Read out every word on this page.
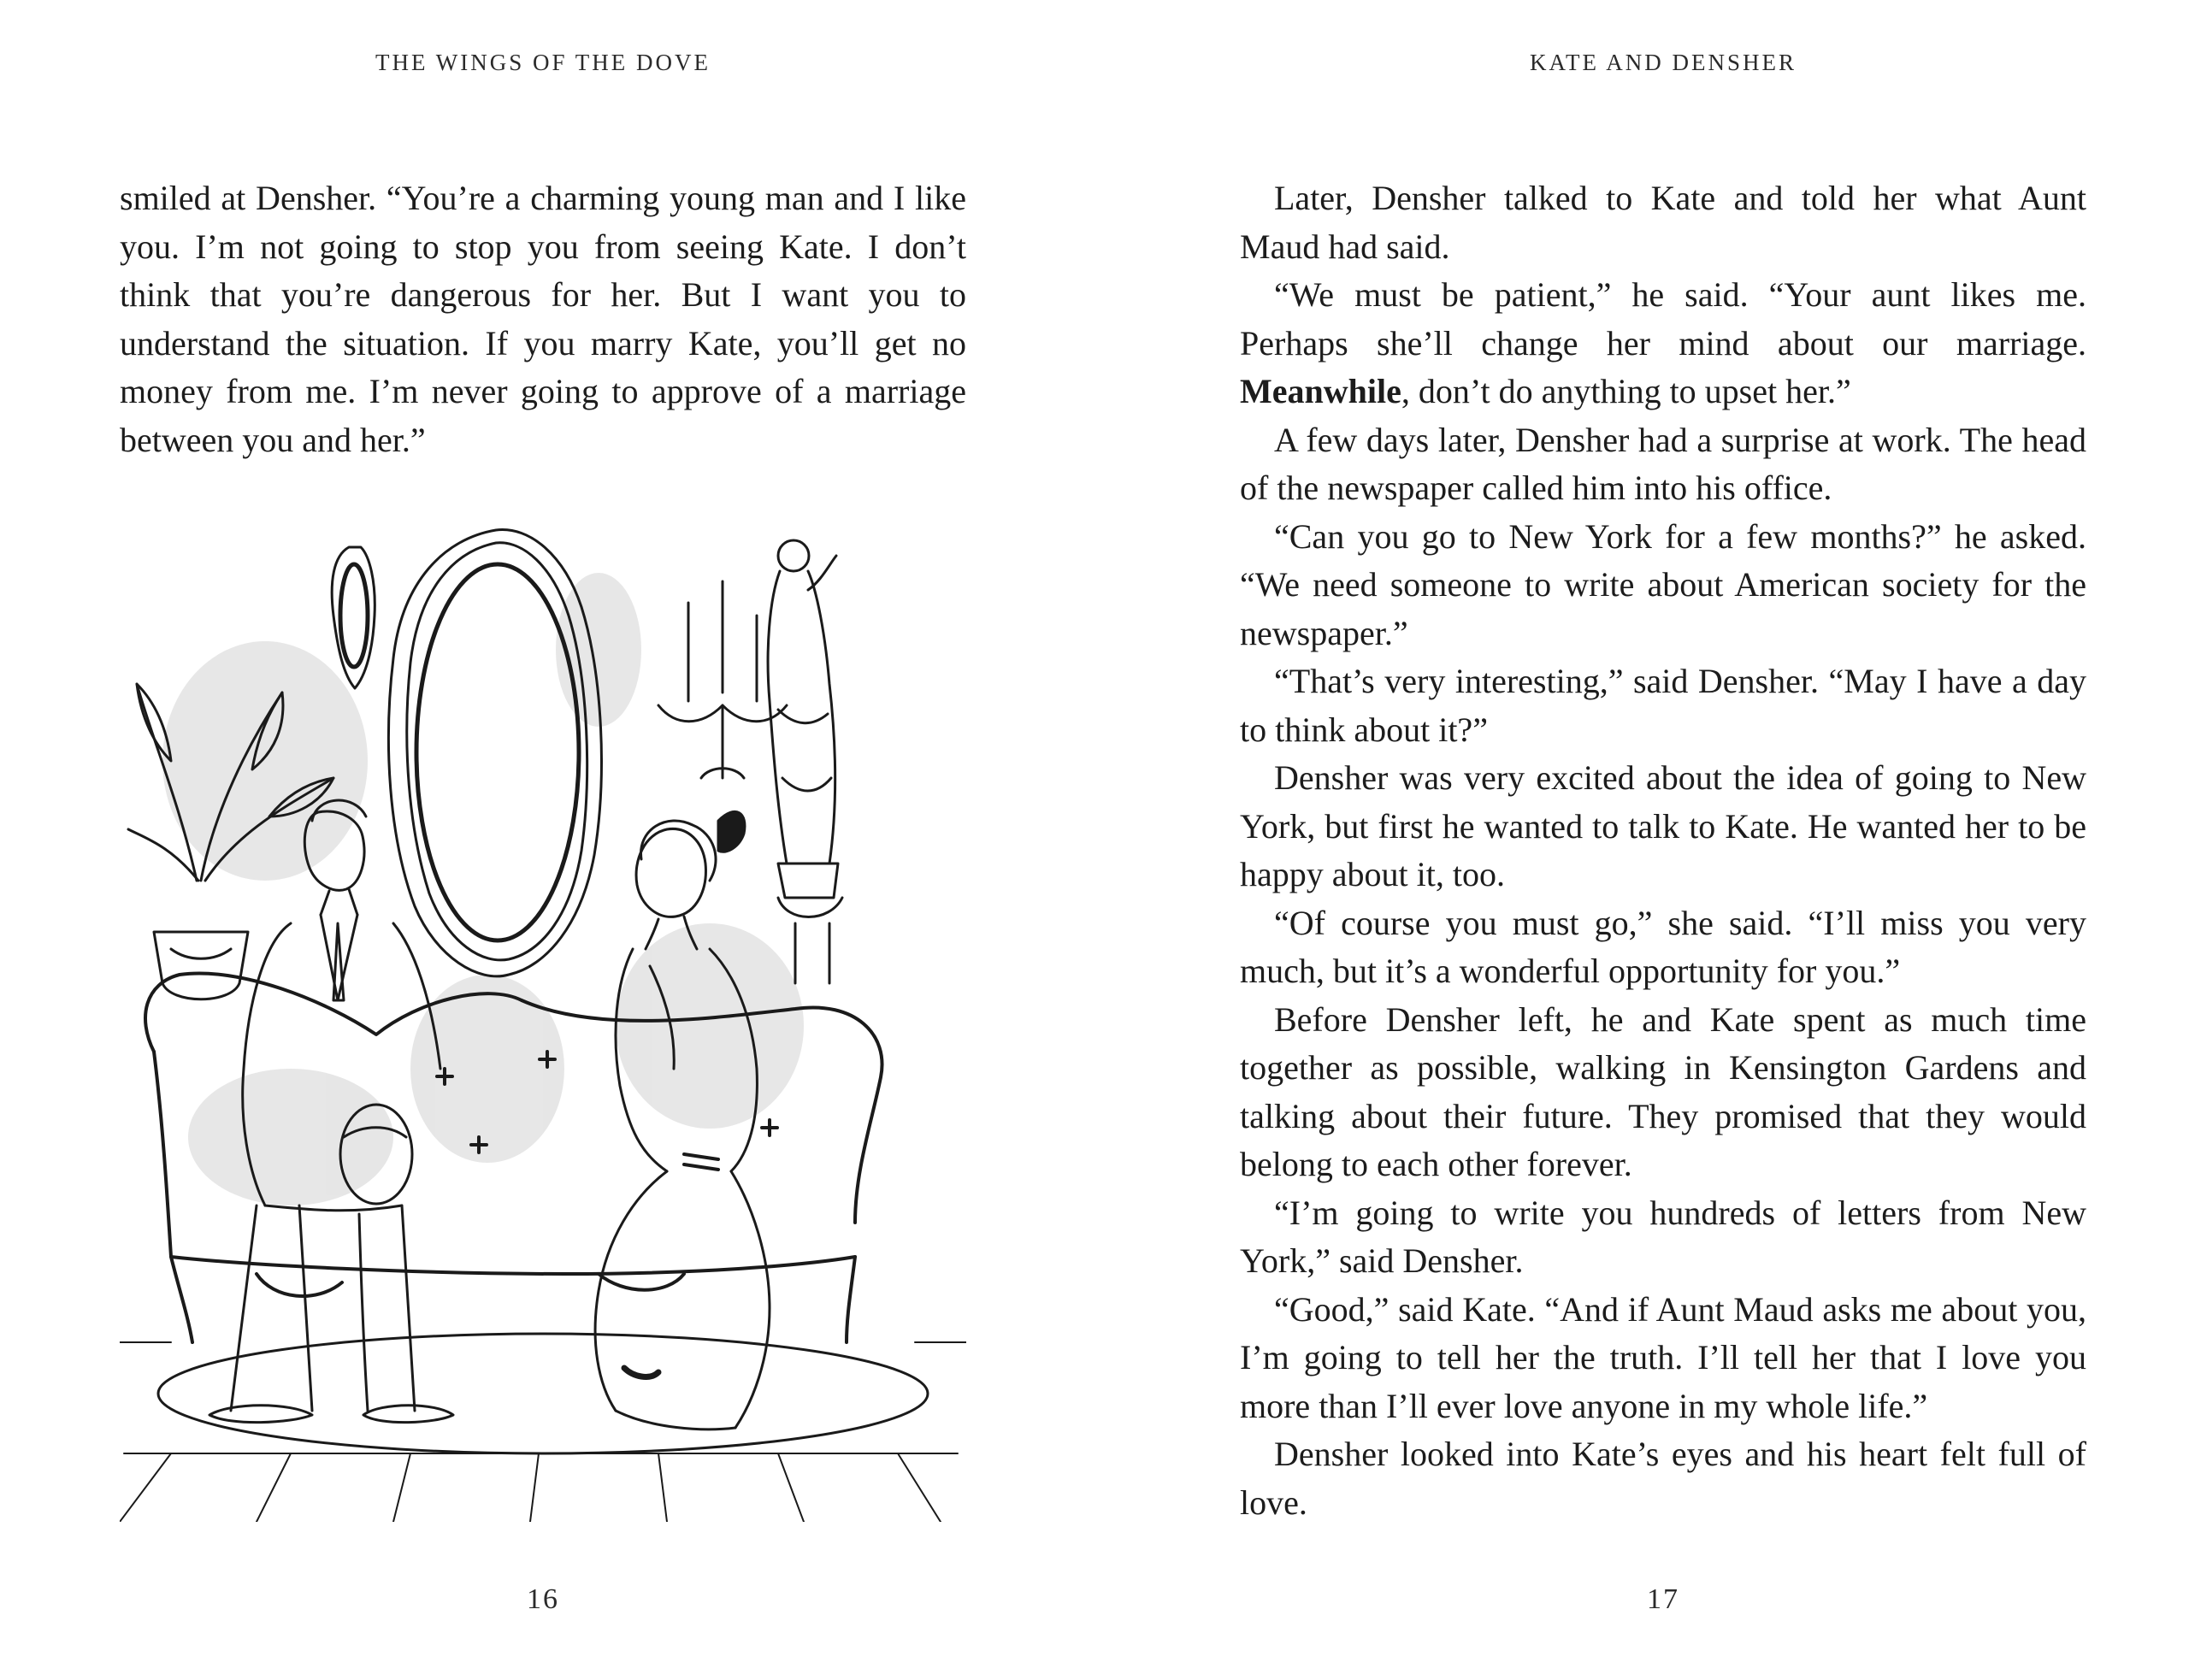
THE WINGS OF THE DOVE

smiled at Densher. “You’re a charming young man and I like you. I’m not going to stop you from seeing Kate. I don’t think that you’re dangerous for her. But I want you to understand the situation. If you marry Kate, you’ll get no money from me. I’m never going to approve of a marriage between you and her.”

16
KATE AND DENSHER

Later, Densher talked to Kate and told her what Aunt Maud had said.

“We must be patient,” he said. “Your aunt likes me. Perhaps she’ll change her mind about our marriage. Meanwhile, don’t do anything to upset her.”

A few days later, Densher had a surprise at work. The head of the newspaper called him into his office.

“Can you go to New York for a few months?” he asked. “We need someone to write about American society for the newspaper.”

“That’s very interesting,” said Densher. “May I have a day to think about it?”

Densher was very excited about the idea of going to New York, but first he wanted to talk to Kate. He wanted her to be happy about it, too.

“Of course you must go,” she said. “I’ll miss you very much, but it’s a wonderful opportunity for you.”

Before Densher left, he and Kate spent as much time together as possible, walking in Kensington Gardens and talking about their future. They promised that they would belong to each other forever.

“I’m going to write you hundreds of letters from New York,” said Densher.

“Good,” said Kate. “And if Aunt Maud asks me about you, I’m going to tell her the truth. I’ll tell her that I love you more than I’ll ever love anyone in my whole life.”

Densher looked into Kate’s eyes and his heart felt full of love.

17
